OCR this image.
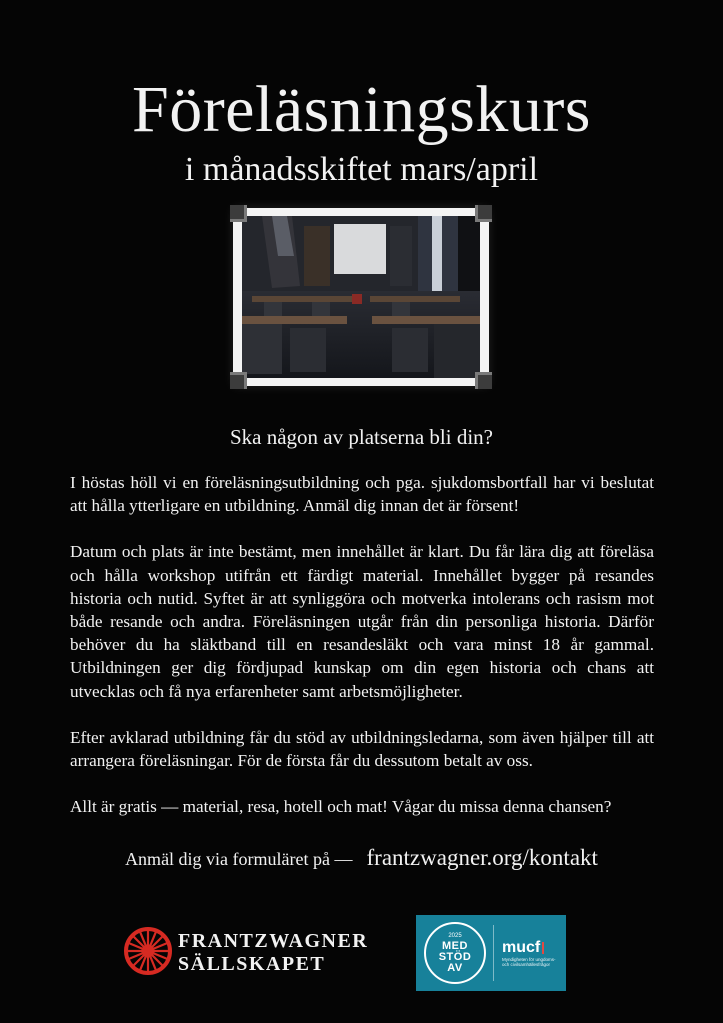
Föreläsningskurs
i månadsskiftet mars/april
Ska någon av platserna bli din?

I höstas höll vi en föreläsningsutbildning och pga. sjukdomsbortfall har vi beslutat att hålla ytterligare en utbildning. Anmäl dig innan det är försent!

Datum och plats är inte bestämt, men innehållet är klart. Du får lära dig att föreläsa och hålla workshop utifrån ett färdigt material. Innehållet bygger på resandes historia och nutid. Syftet är att synliggöra och motverka intolerans och rasism mot både resande och andra. Föreläsningen utgår från din personliga historia. Därför behöver du ha släktband till en resandesläkt och vara minst 18 år gammal. Utbildningen ger dig fördjupad kunskap om din egen historia och chans att utvecklas och få nya erfarenheter samt arbetsmöjligheter.

Efter avklarad utbildning får du stöd av utbildningsledarna, som även hjälper till att arrangera föreläsningar. För de första får du dessutom betalt av oss.

Allt är gratis — material, resa, hotell och mat! Vågar du missa denna chansen?

Anmäl dig via formuläret på — frantzwagner.org/kontakt
FRANTZWAGNER
SÄLLSKAPET
2025
MED
STÖD
AV
mucf
Myndigheten för ungdoms- och civilsamhällesfrågor
